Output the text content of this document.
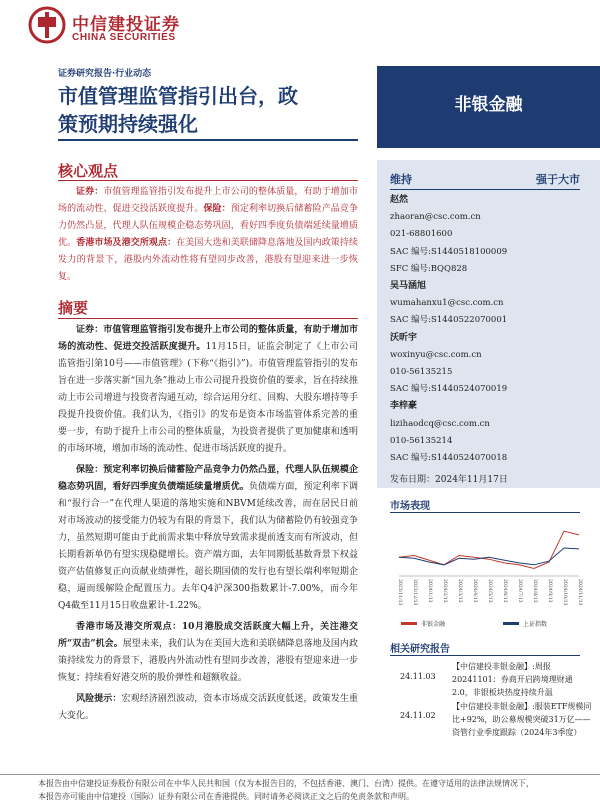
中信建投证券
CHINA SECURITIES
证券研究报告·行业动态
市值管理监管指引出台，政
策预期持续强化
非银金融
核心观点

证券：市值管理监管指引发布提升上市公司的整体质量，有助于增加市场的流动性、促进交投活跃度提升。保险：预定利率切换后储蓄险产品竞争力仍然凸显，代理人队伍规模企稳态势巩固，看好四季度负债端延续量增质优。香港市场及港交所观点：在美国大选和美联储降息落地及国内政策持续发力的背景下，港股内外流动性将有望同步改善，港股有望迎来进一步恢复。

摘要

证券：市值管理监管指引发布提升上市公司的整体质量，有助于增加市场的流动性、促进交投活跃度提升。11月15日，证监会制定了《上市公司监管指引第10号——市值管理》(下称“《指引》”)。市值管理监管指引的发布旨在进一步落实新“国九条”推动上市公司提升投资价值的要求，旨在持续推动上市公司增进与投资者沟通互动，综合运用分红、回购、大股东增持等手段提升投资价值。我们认为，《指引》的发布是资本市场监管体系完善的重要一步，有助于提升上市公司的整体质量，为投资者提供了更加健康和透明的市场环境，增加市场的流动性、促进市场活跃度的提升。

保险：预定利率切换后储蓄险产品竞争力仍然凸显，代理人队伍规模企稳态势巩固，看好四季度负债端延续量增质优。负债端方面，预定利率下调和“报行合一”在代理人渠道的落地实施和NBVM延续改善，而在居民日前对市场波动的接受能力仍较为有限的背景下，我们认为储蓄险仍有较强竞争力，虽然短期可能由于此前需求集中释放导致需求提前透支而有所波动，但长期看新单仍有望实现稳健增长。资产端方面，去年同期低基数背景下权益资产估值修复正向贡献业绩弹性，超长期国债的发行也有望长端利率短期企稳，逼而缓解险企配置压力。去年Q4沪深300指数累计-7.00%，而今年Q4截至11月15日收盘累计-1.22%。

香港市场及港交所观点：10月港股成交活跃度大幅上升，关注港交所“双击”机会。展望未来，我们认为在美国大选和美联储降息落地及国内政策持续发力的背景下，港股内外流动性有望同步改善，港股有望迎来进一步恢复；持续看好港交所的股价弹性和超额收益。

风险提示：宏观经济剧烈波动，资本市场成交活跃度低迷，政策发生重大变化。

维持	强于大市
赵然
zhaoran@csc.com.cn
021-68801600
SAC 编号:S1440518100009
SFC 编号:BQQ828
吴马涵旭
wumahanxu1@csc.com.cn
SAC 编号:S1440522070001
沃昕宇
woxinyu@csc.com.cn
010-56135215
SAC 编号:S1440524070019
李梓豪
lizihaodcq@csc.com.cn
010-56135214
SAC 编号:S1440524070018
发布日期：2024年11月17日
市场表现
2023/11/13 2023/12/13 2024/1/13 2024/2/13 2024/3/13 2024/4/13 2024/5/13 2024/6/13 2024/7/13 2024/8/13 2024/9/13 2024/10/13 2024/11/13
非银金融	上证指数
相关研究报告
24.11.03
【中信建投非银金融】:周报20241101：券商开启跨境理财通2.0，非银板块热度持续升温
24.11.02
【中信建投非银金融】:服装ETF规模同比+92%，助公募规模突破31万亿——资管行业季度跟踪（2024年3季度）
本报告由中信建投证券股份有限公司在中华人民共和国（仅为本报告目的，不包括香港、澳门、台湾）提供。在遵守适用的法律法规情况下，
本报告亦可能由中信建投（国际）证券有限公司在香港提供。同时请务必阅读正文之后的免责条款和声明。
